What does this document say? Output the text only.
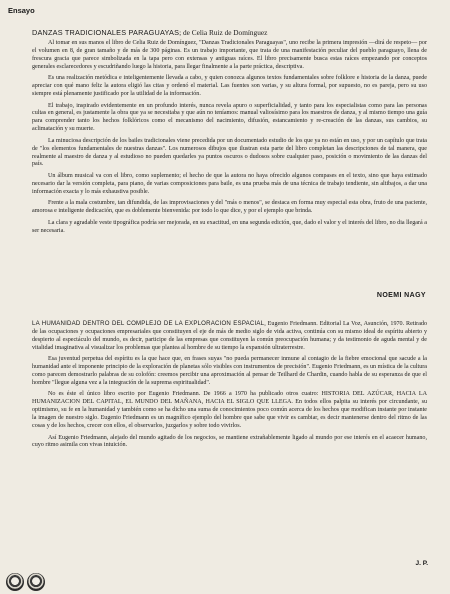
Ensayo
DANZAS TRADICIONALES PARAGUAYAS; de Celia Ruiz de Domínguez

Al tomar en sus manos el libro de Celia Ruiz de Domínguez, "Danzas Tradicionales Paraguayas", uno recibe la primera impresión —dirá de respeto— por el volumen en 8, de gran tamaño y de más de 300 páginas. Es un trabajo importante, que trata de una manifestación peculiar del pueblo paraguayo, llena de frescura gracia que parece simbolizada en la tapa pero con extensas y antiguas raíces. El libro precisamente busca estas raíces empezando por conceptos generales esclarecedores y escudriñando luego la historia, para llegar finalmente a la parte práctica, descriptiva.

Es una realización metódica e inteligentemente llevada a cabo, y quien conozca algunos textos fundamentales sobre folklore e historia de la danza, puede apreciar con qué mano feliz la autora eligió las citas y ordenó el material. Las fuentes son varias, y su altura formal, por supuesto, no es pareja, pero su uso siempre está plenamente justificado por la utilidad de la información.

El trabajo, inspirado evidentemente en un profundo interés, nunca revela apuro o superficialidad, y tanto para los especialistas como para las personas cultas en general, es justamente la obra que ya se necesitaba y que aún no teníamos: manual valiosísimo para los maestros de danza, y al mismo tiempo una guía para comprender tanto los hechos folklóricos como el mecanismo del nacimiento, difusión, estancamiento y re-creación de las danzas, sus cambios, su aclimatación y su muerte.

La minuciosa descripción de los bailes tradicionales viene precedida por un documentado estudio de los que ya no están en uso, y por un capítulo que trata de "los elementos fundamentales de nuestras danzas". Los numerosos dibujos que ilustran esta parte del libro completan las descripciones de tal manera, que realmente al maestro de danza y al estudioso no pueden quedarles ya puntos oscuros o dudosos sobre cualquier paso, posición o movimiento de las danzas del país.

Un álbum musical va con el libro, como suplemento; el hecho de que la autora no haya ofrecido algunos compases en el texto, sino que haya estimado necesario dar la versión completa, para piano, de varias composiciones para baile, es una prueba más de una técnica de trabajo tendiente, sin altibajos, a dar una información exacta y lo más exhaustiva posible.

Frente a la mala costumbre, tan difundida, de las improvisaciones y del "más o menos", se destaca en forma muy especial esta obra, fruto de una paciente, amorosa e inteligente dedicación, que es doblemente bienvenida: por todo lo que dice, y por el ejemplo que brinda.

La clara y agradable veste tipográfica podría ser mejorada, en su exactitud, en una segunda edición, que, dado el valor y el interés del libro, no dia llegará a ser necesaria.

NOEMI NAGY

LA HUMANIDAD DENTRO DEL COMPLEJO DE LA EXPLORACION ESPACIAL, Eugenio Friedmann. Editorial La Voz, Asunción, 1970. Retirado de las ocupaciones y ocupaciones empresariales que constituyen el eje de más de medio siglo de vida activa, continúa con su mismo ideal de espíritu abierto y despierto al espectáculo del mundo, es decir, participe de las empresas que constituyen la común preocupación humana; y da testimonio de aguda mental y de vitalidad imaginativa al visualizar los problemas que plantea al hombre de su tiempo la expansión ultraterrestre.

Esa juventud perpetua del espíritu es la que hace que, en frases suyas "no pueda permanecer inmune al contagio de la fiebre emocional que sacude a la humanidad ante el imponente principio de la exploración de planetas sólo visibles con instrumentos de precisión". Eugenio Friedmann, es un mística de la cultura como parecen demostrarlo palabras de su colofón: creemos percibir una aproximación al pensar de Teilhard de Chardin, cuando habla de su esperanza de que el hombre "llegue alguna vez a la integración de la suprema espiritualidad".

No es éste el único libro escrito por Eugenio Friedmann. De 1966 a 1970 ha publicado otros cuatro: HISTORIA DEL AZÚCAR, HACIA LA HUMANIZACION DEL CAPITAL, EL MUNDO DEL MAÑANA, HACIA EL SIGLO QUE LLEGA. En todos ellos palpita su interés por circundante, su optimismo, su fe en la humanidad y también como se ha dicho una suma de conocimientos poco común acerca de los hechos que modifican instante por instante la imagen de nuestro siglo. Eugenio Friedmann es un magnífico ejemplo del hombre que sabe que vivir es cambiar, es decir mantenerse dentro del ritmo de las cosas y de los hechos, crecer con ellos, el observarlos, juzgarlos y sobre todo vivirlos.

Así Eugenio Friedmann, alejado del mundo agitado de los negocios, se mantiene extrañablemente ligado al mundo por ese interés en el acaecer humano, cuyo ritmo asimila con vivas intuición.

J. P.
